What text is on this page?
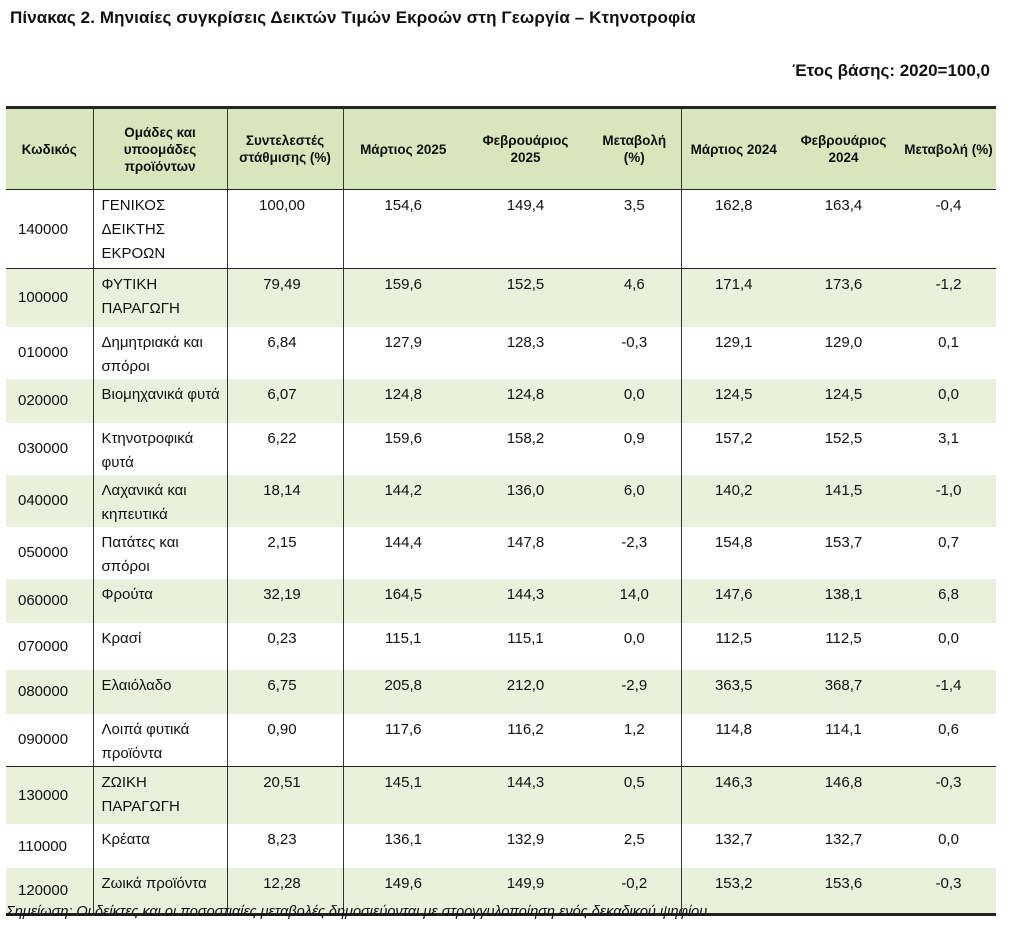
Πίνακας 2. Μηνιαίες συγκρίσεις Δεικτών Τιμών Εκροών στη Γεωργία – Κτηνοτροφία
Έτος βάσης: 2020=100,0
Κωδικός	Ομάδες και υποομάδες προϊόντων	Συντελεστές στάθμισης (%)	Μάρτιος 2025	Φεβρουάριος 2025	Μεταβολή (%)	Μάρτιος 2024	Φεβρουάριος 2024	Μεταβολή (%)
140000	ΓΕΝΙΚΟΣ ΔΕΙΚΤΗΣ ΕΚΡΟΩΝ	100,00	154,6	149,4	3,5	162,8	163,4	-0,4
100000	ΦΥΤΙΚΗ ΠΑΡΑΓΩΓΗ	79,49	159,6	152,5	4,6	171,4	173,6	-1,2
010000	Δημητριακά και σπόροι	6,84	127,9	128,3	-0,3	129,1	129,0	0,1
020000	Βιομηχανικά φυτά	6,07	124,8	124,8	0,0	124,5	124,5	0,0
030000	Κτηνοτροφικά φυτά	6,22	159,6	158,2	0,9	157,2	152,5	3,1
040000	Λαχανικά και κηπευτικά	18,14	144,2	136,0	6,0	140,2	141,5	-1,0
050000	Πατάτες και σπόροι	2,15	144,4	147,8	-2,3	154,8	153,7	0,7
060000	Φρούτα	32,19	164,5	144,3	14,0	147,6	138,1	6,8
070000	Κρασί	0,23	115,1	115,1	0,0	112,5	112,5	0,0
080000	Ελαιόλαδο	6,75	205,8	212,0	-2,9	363,5	368,7	-1,4
090000	Λοιπά φυτικά προϊόντα	0,90	117,6	116,2	1,2	114,8	114,1	0,6
130000	ΖΩΙΚΗ ΠΑΡΑΓΩΓΗ	20,51	145,1	144,3	0,5	146,3	146,8	-0,3
110000	Κρέατα	8,23	136,1	132,9	2,5	132,7	132,7	0,0
120000	Ζωικά προϊόντα	12,28	149,6	149,9	-0,2	153,2	153,6	-0,3
Σημείωση: Οι δείκτες και οι ποσοστιαίες μεταβολές δημοσιεύονται με στρογγυλοποίηση ενός δεκαδικού ψηφίου.
